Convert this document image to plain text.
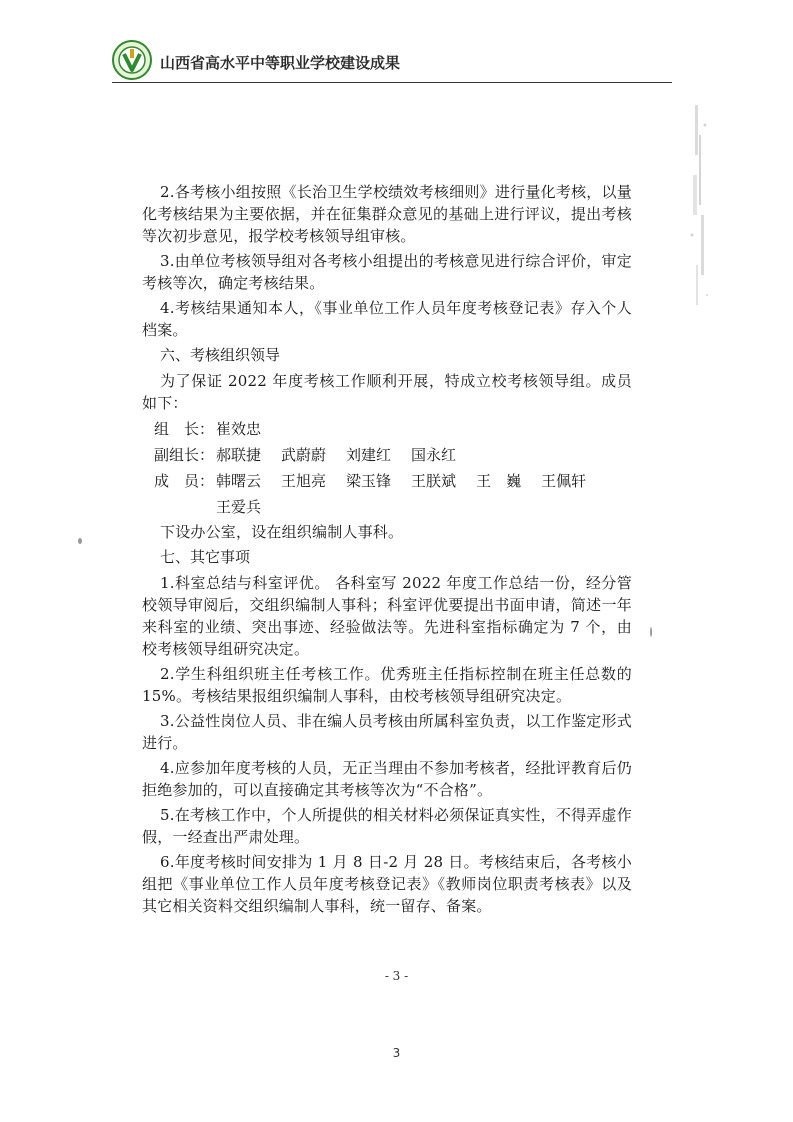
山西省高水平中等职业学校建设成果

2.各考核小组按照《长治卫生学校绩效考核细则》进行量化考核，以量化考核结果为主要依据，并在征集群众意见的基础上进行评议，提出考核等次初步意见，报学校考核领导组审核。

3.由单位考核领导组对各考核小组提出的考核意见进行综合评价，审定考核等次，确定考核结果。

4.考核结果通知本人，《事业单位工作人员年度考核登记表》存入个人档案。

六、考核组织领导

为了保证 2022 年度考核工作顺利开展，特成立校考核领导组。成员如下：

组　长： 崔效忠
副组长： 郝联捷 武蔚蔚 刘建红 国永红
成　员： 韩曙云 王旭亮 梁玉锋 王朕斌 王　巍 王佩轩
王爱兵

下设办公室，设在组织编制人事科。

七、其它事项

1.科室总结与科室评优。 各科室写 2022 年度工作总结一份，经分管校领导审阅后，交组织编制人事科；科室评优要提出书面申请，简述一年来科室的业绩、突出事迹、经验做法等。先进科室指标确定为 7 个，由校考核领导组研究决定。

2.学生科组织班主任考核工作。优秀班主任指标控制在班主任总数的 15%。考核结果报组织编制人事科，由校考核领导组研究决定。

3.公益性岗位人员、非在编人员考核由所属科室负责，以工作鉴定形式进行。

4.应参加年度考核的人员，无正当理由不参加考核者，经批评教育后仍拒绝参加的，可以直接确定其考核等次为“不合格”。

5.在考核工作中，个人所提供的相关材料必须保证真实性，不得弄虚作假，一经查出严肃处理。

6.年度考核时间安排为 1 月 8 日-2 月 28 日。考核结束后，各考核小组把《事业单位工作人员年度考核登记表》《教师岗位职责考核表》以及其它相关资料交组织编制人事科，统一留存、备案。

- 3 -
3
